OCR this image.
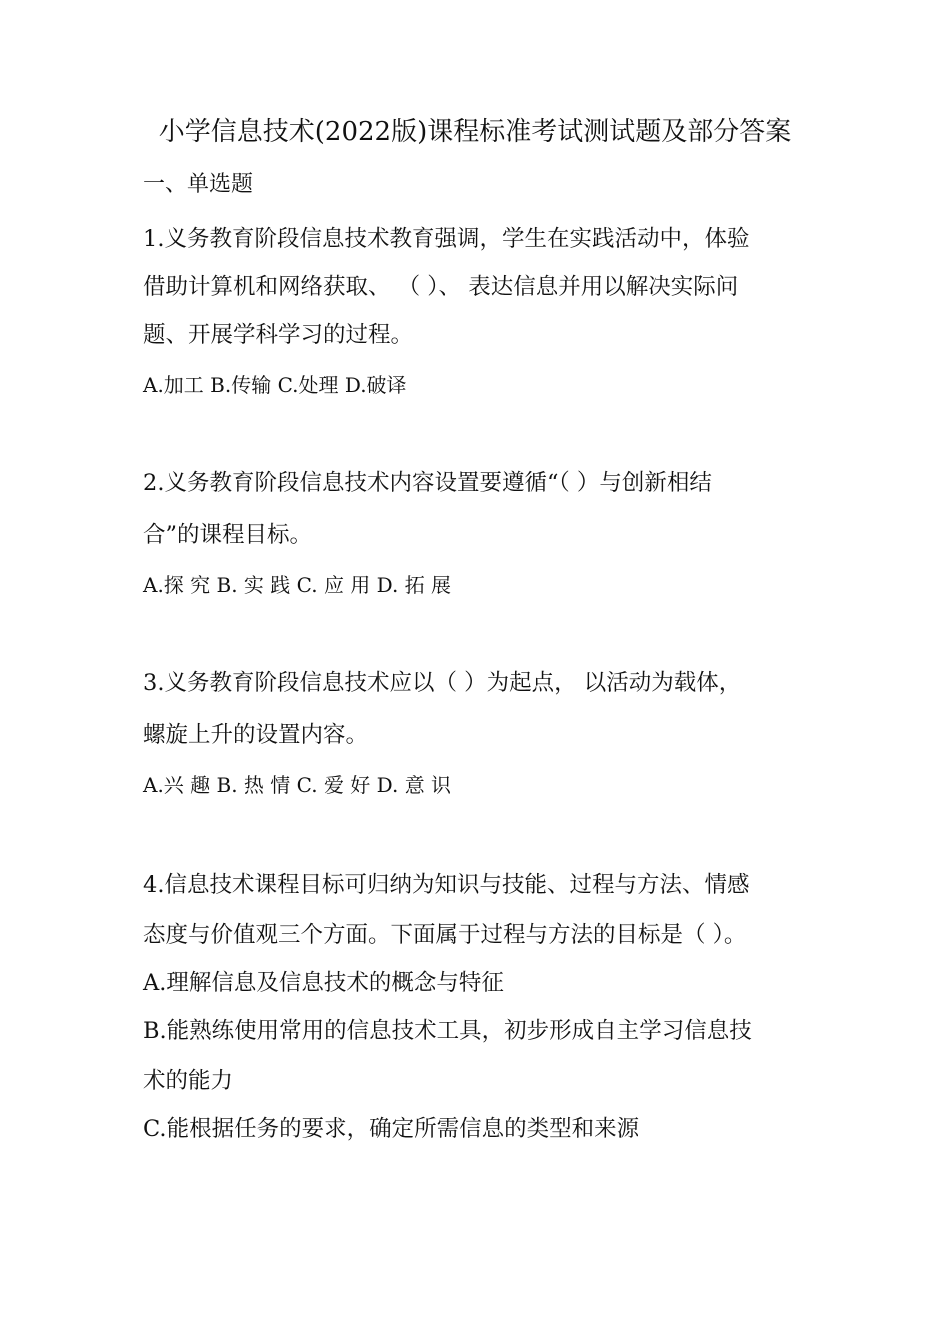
小学信息技术(2022版)课程标准考试测试题及部分答案
一、单选题
1.义务教育阶段信息技术教育强调，学生在实践活动中，体验
借助计算机和网络获取、 （ ）、 表达信息并用以解决实际问
题、开展学科学习的过程。
A.加工 B.传输 C.处理 D.破译
2.义务教育阶段信息技术内容设置要遵循“（ ）与创新相结
合”的课程目标。
A.探 究 B. 实 践 C. 应 用 D. 拓 展
3.义务教育阶段信息技术应以（ ）为起点， 以活动为载体，
螺旋上升的设置内容。
A.兴 趣 B. 热 情 C. 爱 好 D. 意 识
4.信息技术课程目标可归纳为知识与技能、过程与方法、情感
态度与价值观三个方面。下面属于过程与方法的目标是（ ）。
A.理解信息及信息技术的概念与特征
B.能熟练使用常用的信息技术工具，初步形成自主学习信息技
术的能力
C.能根据任务的要求，确定所需信息的类型和来源
